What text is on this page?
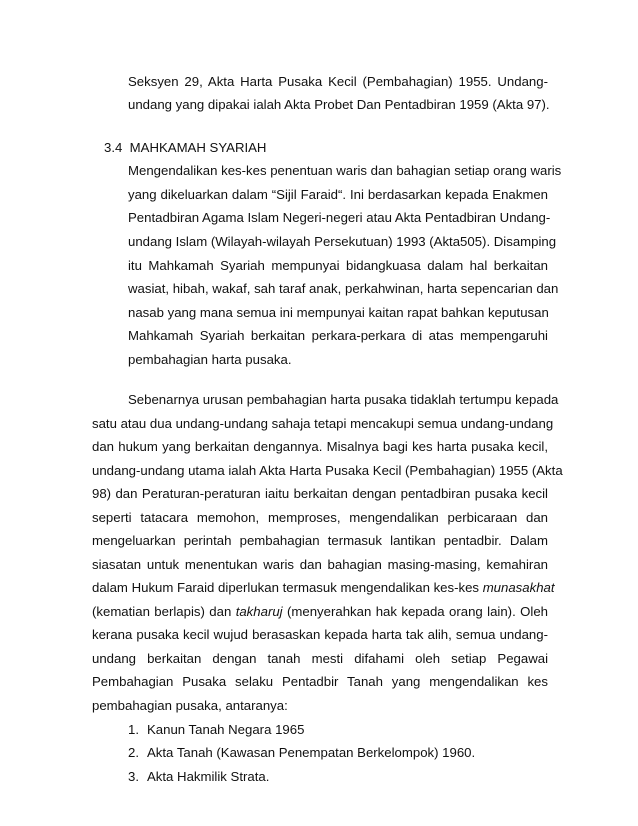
Seksyen 29, Akta Harta Pusaka Kecil (Pembahagian) 1955. Undang-
undang yang dipakai ialah Akta Probet Dan Pentadbiran 1959 (Akta 97).
3.4 MAHKAMAH SYARIAH
Mengendalikan kes-kes penentuan waris dan bahagian setiap orang waris
yang dikeluarkan dalam “Sijil Faraid“. Ini berdasarkan kepada Enakmen
Pentadbiran Agama Islam Negeri-negeri atau Akta Pentadbiran Undang-
undang Islam (Wilayah-wilayah Persekutuan) 1993 (Akta505). Disamping
itu Mahkamah Syariah mempunyai bidangkuasa dalam hal berkaitan
wasiat, hibah, wakaf, sah taraf anak, perkahwinan, harta sepencarian dan
nasab yang mana semua ini mempunyai kaitan rapat bahkan keputusan
Mahkamah Syariah berkaitan perkara-perkara di atas mempengaruhi
pembahagian harta pusaka.
Sebenarnya urusan pembahagian harta pusaka tidaklah tertumpu kepada
satu atau dua undang-undang sahaja tetapi mencakupi semua undang-undang
dan hukum yang berkaitan dengannya. Misalnya bagi kes harta pusaka kecil,
undang-undang utama ialah Akta Harta Pusaka Kecil (Pembahagian) 1955 (Akta
98) dan Peraturan-peraturan iaitu berkaitan dengan pentadbiran pusaka kecil
seperti tatacara memohon, memproses, mengendalikan perbicaraan dan
mengeluarkan perintah pembahagian termasuk lantikan pentadbir. Dalam
siasatan untuk menentukan waris dan bahagian masing-masing, kemahiran
dalam Hukum Faraid diperlukan termasuk mengendalikan kes-kes munasakhat
(kematian berlapis) dan takharuj (menyerahkan hak kepada orang lain). Oleh
kerana pusaka kecil wujud berasaskan kepada harta tak alih, semua undang-
undang berkaitan dengan tanah mesti difahami oleh setiap Pegawai
Pembahagian Pusaka selaku Pentadbir Tanah yang mengendalikan kes
pembahagian pusaka, antaranya:
1. Kanun Tanah Negara 1965
2. Akta Tanah (Kawasan Penempatan Berkelompok) 1960.
3. Akta Hakmilik Strata.
